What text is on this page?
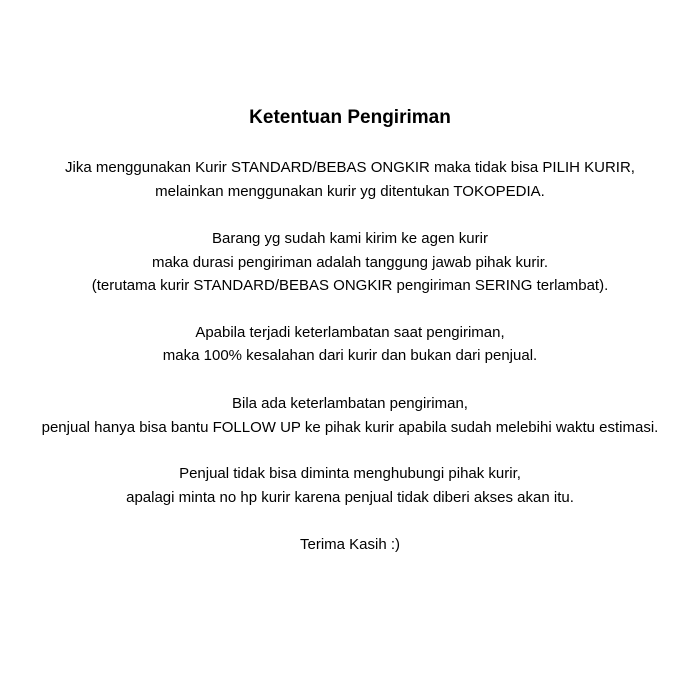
Ketentuan Pengiriman
Jika menggunakan Kurir STANDARD/BEBAS ONGKIR maka tidak bisa PILIH KURIR,
melainkan menggunakan kurir yg ditentukan TOKOPEDIA.
Barang yg sudah kami kirim ke agen kurir
maka durasi pengiriman adalah tanggung jawab pihak kurir.
(terutama kurir STANDARD/BEBAS ONGKIR pengiriman SERING terlambat).
Apabila terjadi keterlambatan saat pengiriman,
maka 100% kesalahan dari kurir dan bukan dari penjual.
Bila ada keterlambatan pengiriman,
penjual hanya bisa bantu FOLLOW UP ke pihak kurir apabila sudah melebihi waktu estimasi.
Penjual tidak bisa diminta menghubungi pihak kurir,
apalagi minta no hp kurir karena penjual tidak diberi akses akan itu.
Terima Kasih :)
